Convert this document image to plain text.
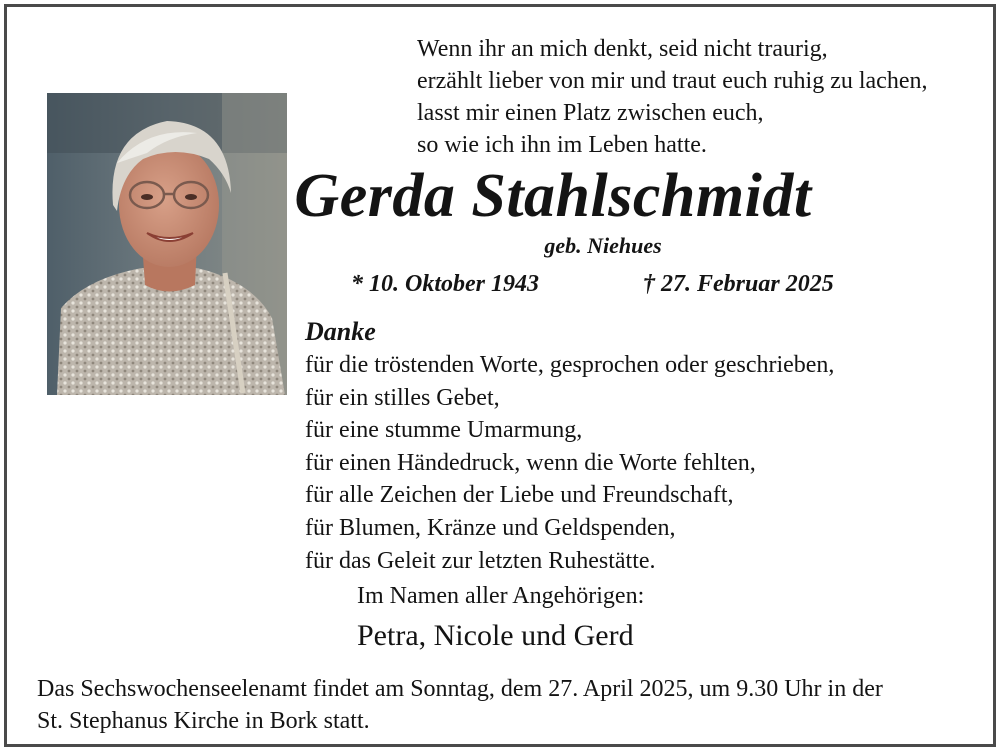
Wenn ihr an mich denkt, seid nicht traurig,
erzählt lieber von mir und traut euch ruhig zu lachen,
lasst mir einen Platz zwischen euch,
so wie ich ihn im Leben hatte.
Gerda Stahlschmidt
geb. Niehues
* 10. Oktober 1943	† 27. Februar 2025
Danke
für die tröstenden Worte, gesprochen oder geschrieben,
für ein stilles Gebet,
für eine stumme Umarmung,
für einen Händedruck, wenn die Worte fehlten,
für alle Zeichen der Liebe und Freundschaft,
für Blumen, Kränze und Geldspenden,
für das Geleit zur letzten Ruhestätte.
Im Namen aller Angehörigen:
Petra, Nicole und Gerd
Das Sechswochenseelenamt findet am Sonntag, dem 27. April 2025, um 9.30 Uhr in der
St. Stephanus Kirche in Bork statt.
